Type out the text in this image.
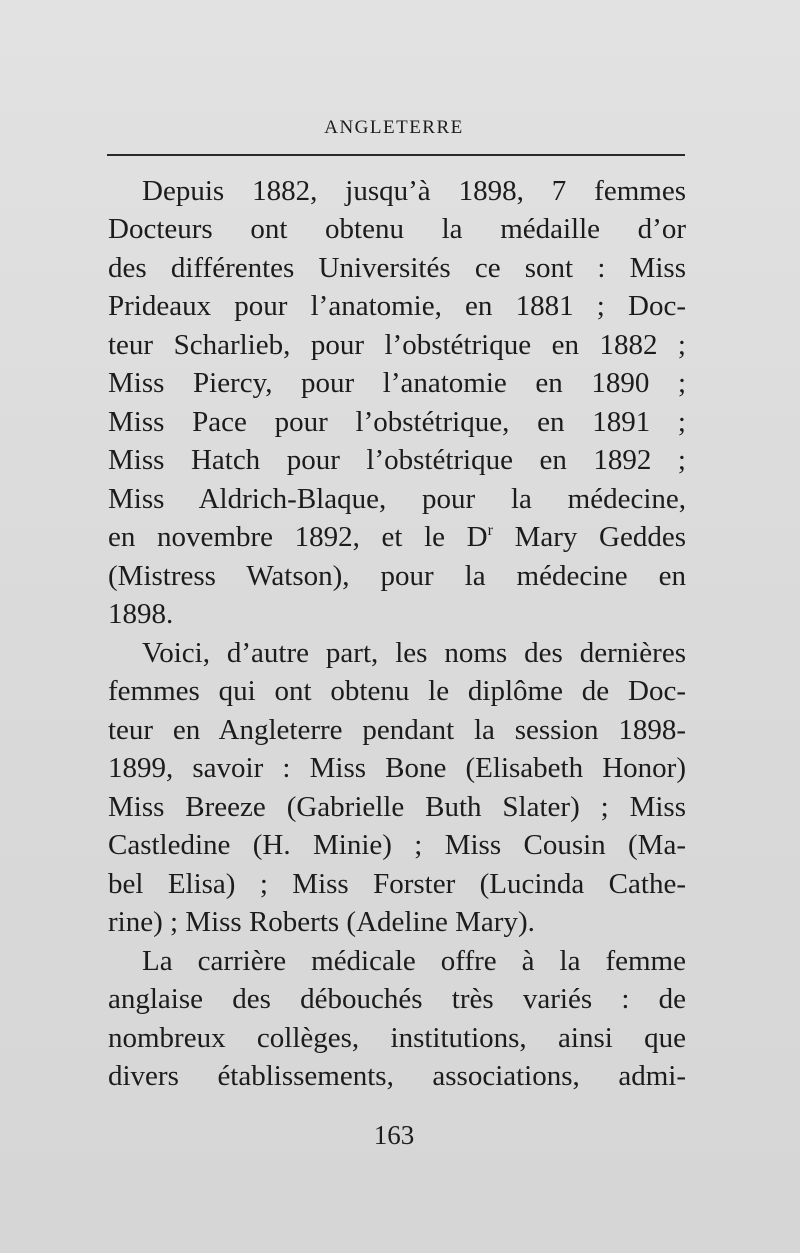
ANGLETERRE
Depuis 1882, jusqu’à 1898, 7 femmes
Docteurs ont obtenu la médaille d’or
des différentes Universités ce sont : Miss
Prideaux pour l’anatomie, en 1881 ; Doc-
teur Scharlieb, pour l’obstétrique en 1882 ;
Miss Piercy, pour l’anatomie en 1890 ;
Miss Pace pour l’obstétrique, en 1891 ;
Miss Hatch pour l’obstétrique en 1892 ;
Miss Aldrich-Blaque, pour la médecine,
en novembre 1892, et le $D^r$ Mary Geddes
(Mistress Watson), pour la médecine en
1898.
Voici, d’autre part, les noms des dernières
femmes qui ont obtenu le diplôme de Doc-
teur en Angleterre pendant la session 1898-
1899, savoir : Miss Bone (Elisabeth Honor)
Miss Breeze (Gabrielle Buth Slater) ; Miss
Castledine (H. Minie) ; Miss Cousin (Ma-
bel Elisa) ; Miss Forster (Lucinda Cathe-
rine) ; Miss Roberts (Adeline Mary).
La carrière médicale offre à la femme
anglaise des débouchés très variés : de
nombreux collèges, institutions, ainsi que
divers établissements, associations, admi-
163
